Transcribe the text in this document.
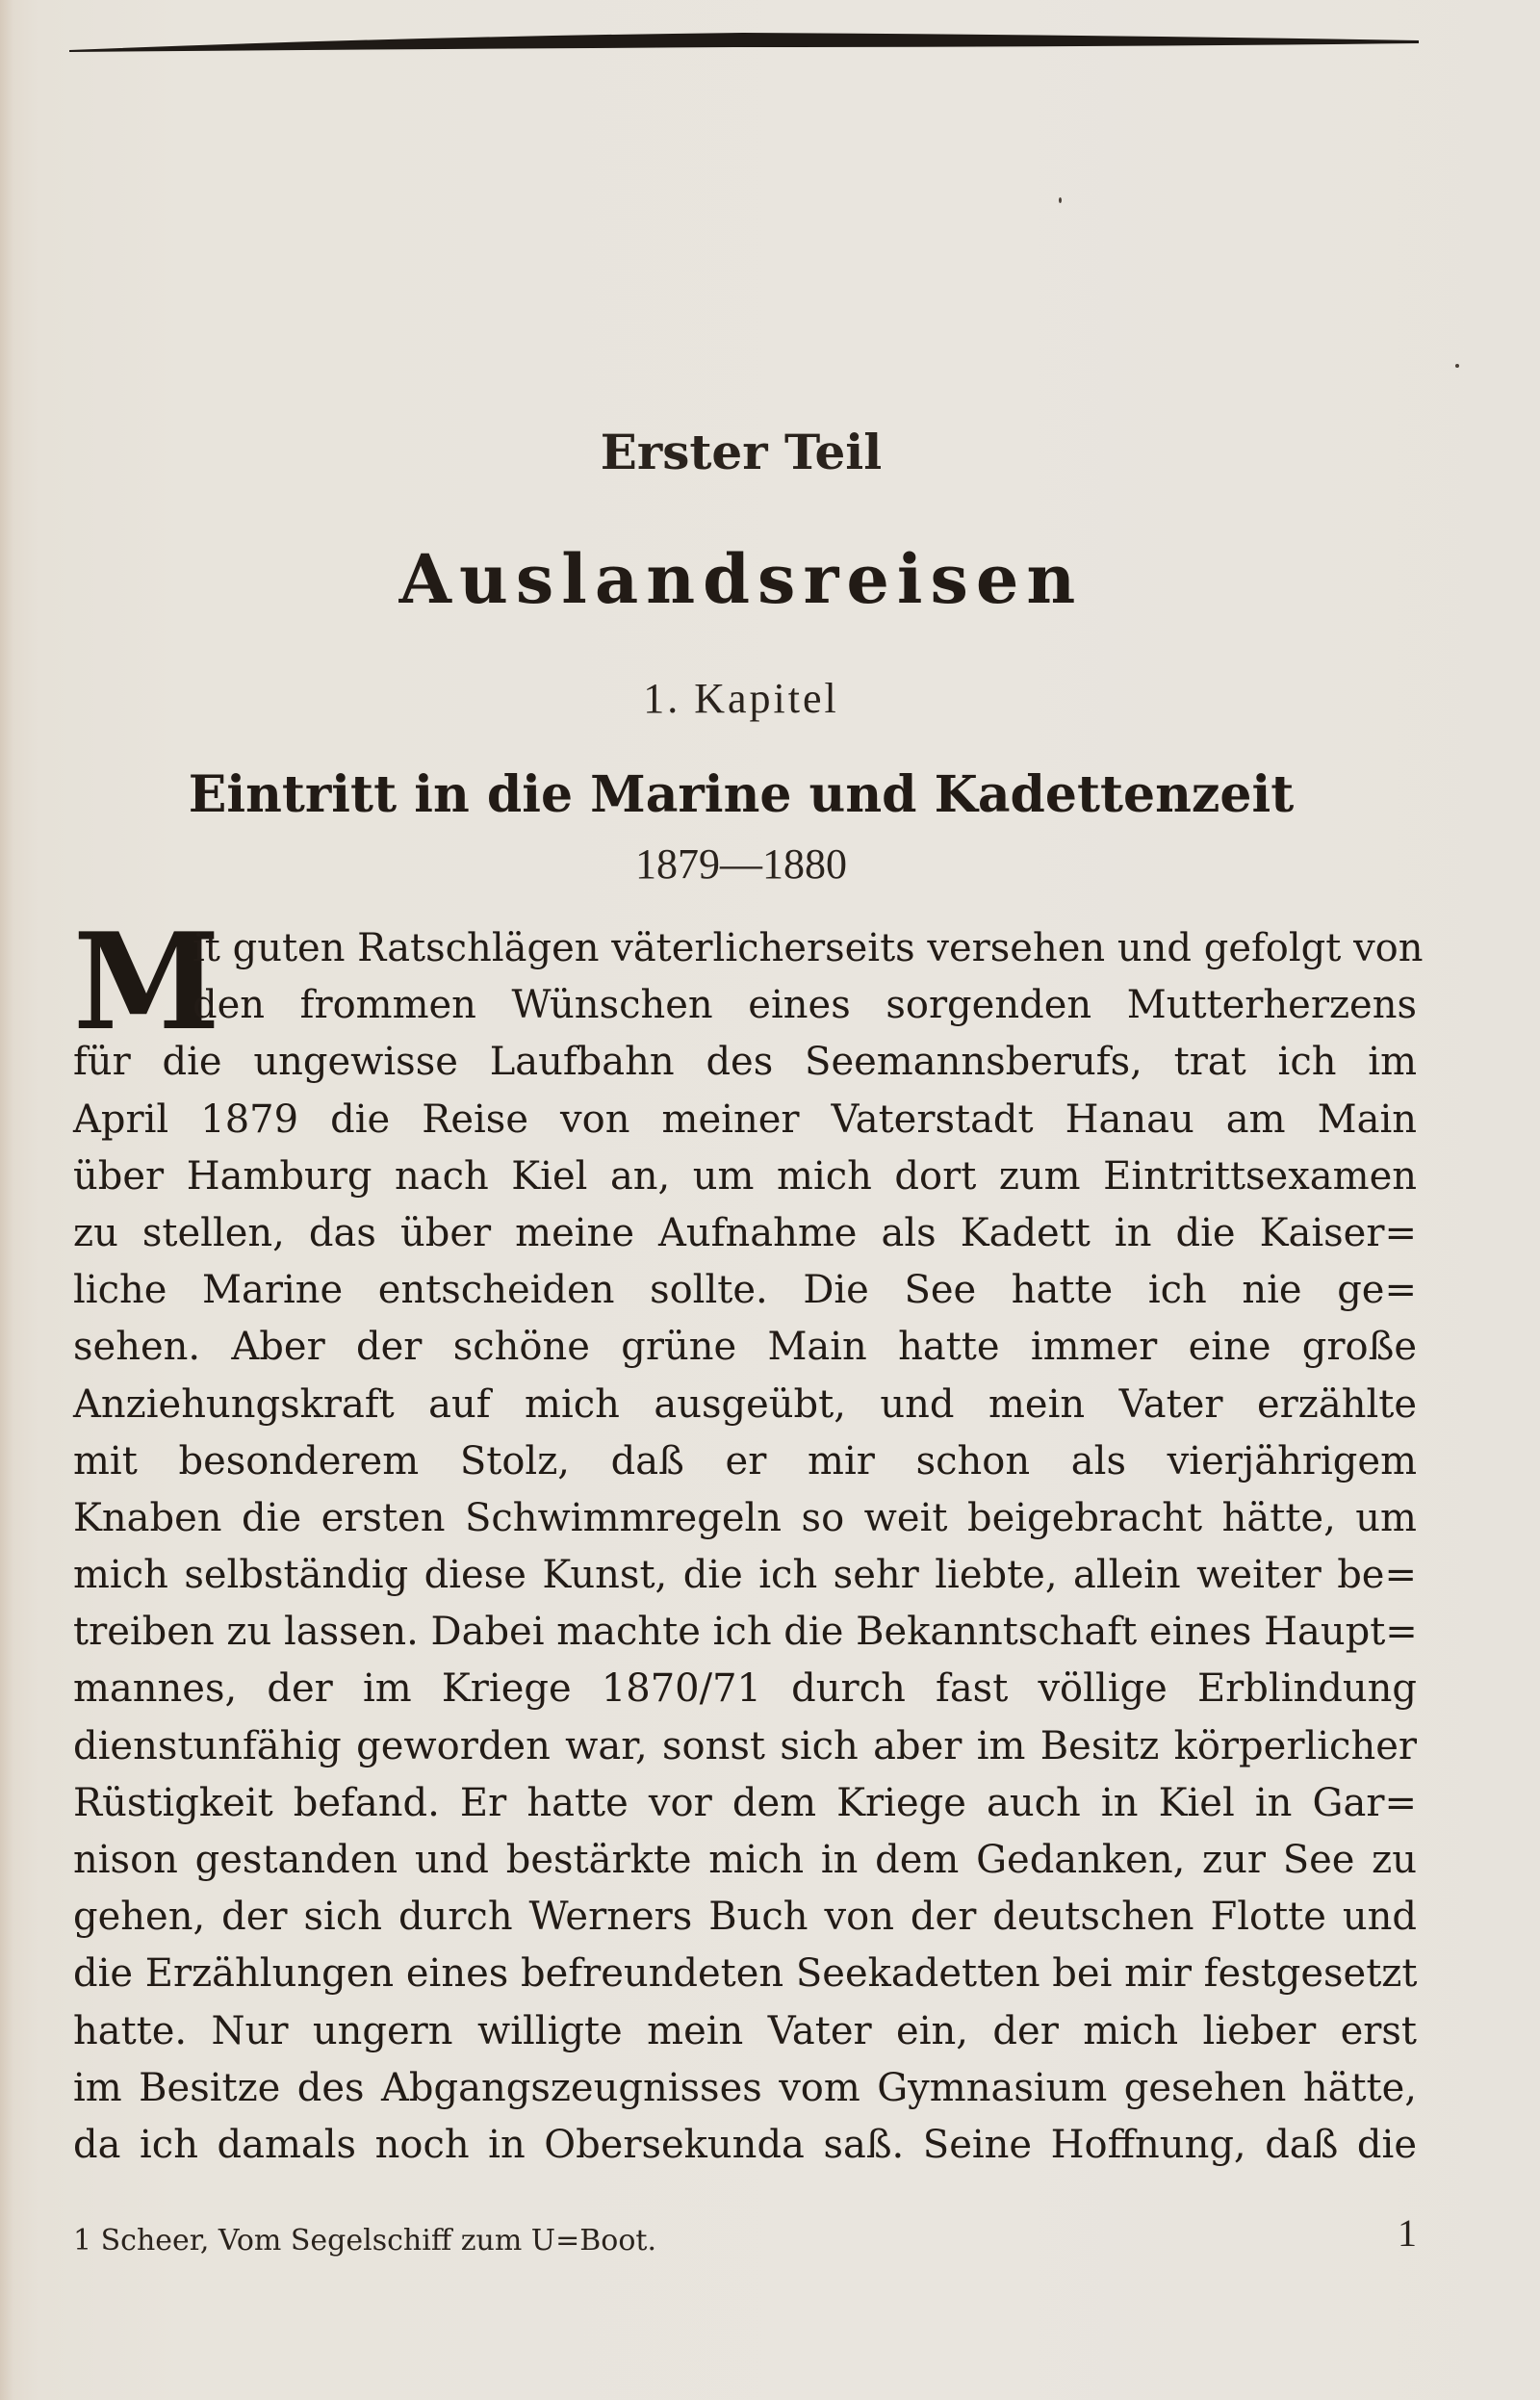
Erster Teil
Auslandsreisen
1. Kapitel
Eintritt in die Marine und Kadettenzeit
1879—1880
M
it guten Ratschlägen väterlicherseits versehen und gefolgt von
den frommen Wünschen eines sorgenden Mutterherzens
für die ungewisse Laufbahn des Seemannsberufs, trat ich im
April 1879 die Reise von meiner Vaterstadt Hanau am Main
über Hamburg nach Kiel an, um mich dort zum Eintrittsexamen
zu stellen, das über meine Aufnahme als Kadett in die Kaiser=
liche Marine entscheiden sollte. Die See hatte ich nie ge=
sehen. Aber der schöne grüne Main hatte immer eine große
Anziehungskraft auf mich ausgeübt, und mein Vater erzählte
mit besonderem Stolz, daß er mir schon als vierjährigem
Knaben die ersten Schwimmregeln so weit beigebracht hätte, um
mich selbständig diese Kunst, die ich sehr liebte, allein weiter be=
treiben zu lassen. Dabei machte ich die Bekanntschaft eines Haupt=
mannes, der im Kriege 1870/71 durch fast völlige Erblindung
dienstunfähig geworden war, sonst sich aber im Besitz körperlicher
Rüstigkeit befand. Er hatte vor dem Kriege auch in Kiel in Gar=
nison gestanden und bestärkte mich in dem Gedanken, zur See zu
gehen, der sich durch Werners Buch von der deutschen Flotte und
die Erzählungen eines befreundeten Seekadetten bei mir festgesetzt
hatte. Nur ungern willigte mein Vater ein, der mich lieber erst
im Besitze des Abgangszeugnisses vom Gymnasium gesehen hätte,
da ich damals noch in Obersekunda saß. Seine Hoffnung, daß die
1 Scheer, Vom Segelschiff zum U=Boot.	1
